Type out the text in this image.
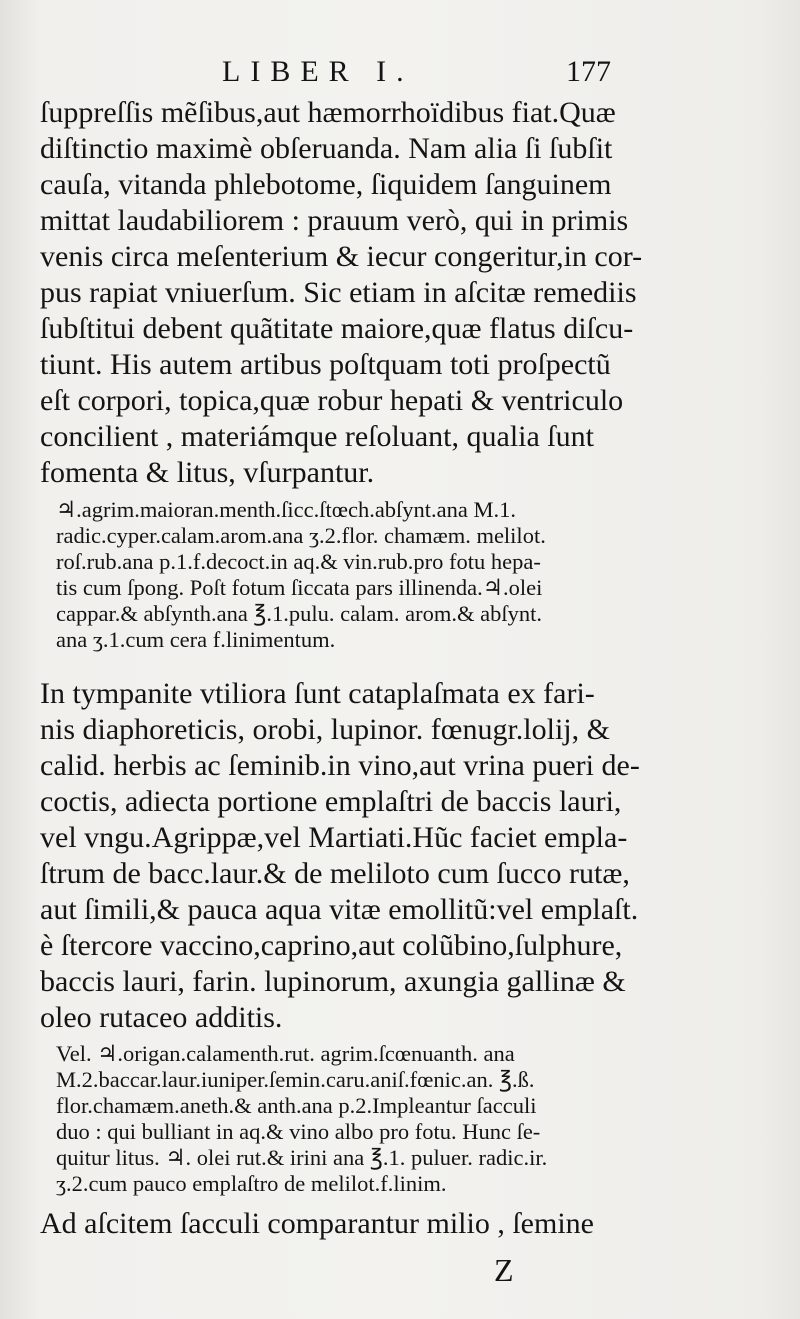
LIBER I.	177
ſuppreſſis mẽſibus,aut hæmorrhoïdibus fiat.Quæ
diſtinctio maximè obſeruanda. Nam alia ſi ſubſit
cauſa, vitanda phlebotome, ſiquidem ſanguinem
mittat laudabiliorem : prauum verò, qui in primis
venis circa meſenterium & iecur congeritur,in cor-
pus rapiat vniuerſum. Sic etiam in aſcitæ remediis
ſubſtitui debent quãtitate maiore,quæ flatus diſcu-
tiunt. His autem artibus poſtquam toti proſpectũ
eſt corpori, topica,quæ robur hepati & ventriculo
concilient , materiámque reſoluant, qualia ſunt
fomenta & litus, vſurpantur.
♃.agrim.maioran.menth.ſicc.ſtœch.abſynt.ana M.1.
radic.cyper.calam.arom.ana ʒ.2.flor. chamæm. melilot.
roſ.rub.ana p.1.f.decoct.in aq.& vin.rub.pro fotu hepa-
tis cum ſpong. Poſt fotum ſiccata pars illinenda.♃.olei
cappar.& abſynth.ana ℥.1.pulu. calam. arom.& abſynt.
ana ʒ.1.cum cera f.linimentum.
In tympanite vtiliora ſunt cataplaſmata ex fari-
nis diaphoreticis, orobi, lupinor. fœnugr.lolij, &
calid. herbis ac ſeminib.in vino,aut vrina pueri de-
coctis, adiecta portione emplaſtri de baccis lauri,
vel vngu.Agrippæ,vel Martiati.Hũc faciet empla-
ſtrum de bacc.laur.& de meliloto cum ſucco rutæ,
aut ſimili,& pauca aqua vitæ emollitũ:vel emplaſt.
è ſtercore vaccino,caprino,aut colũbino,ſulphure,
baccis lauri, farin. lupinorum, axungia gallinæ &
oleo rutaceo additis.
Vel. ♃.origan.calamenth.rut. agrim.ſcœnuanth. ana
M.2.baccar.laur.iuniper.ſemin.caru.aniſ.fœnic.an. ℥.ß.
flor.chamæm.aneth.& anth.ana p.2.Impleantur ſacculi
duo : qui bulliant in aq.& vino albo pro fotu. Hunc ſe-
quitur litus. ♃. olei rut.& irini ana ℥.1. puluer. radic.ir.
ʒ.2.cum pauco emplaſtro de melilot.f.linim.
Ad aſcitem ſacculi comparantur milio , ſemine
Z
